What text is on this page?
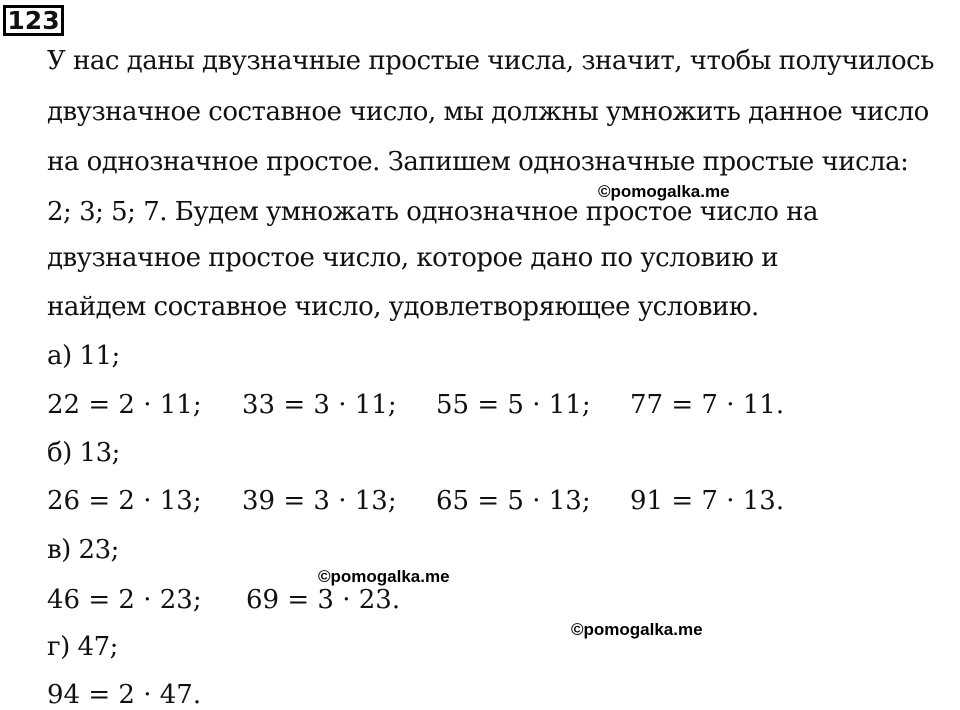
123
У нас даны двузначные простые числа, значит, чтобы получилось
двузначное составное число, мы должны умножить данное число
на однозначное простое. Запишем однозначные простые числа:
2; 3; 5; 7. Будем умножать однозначное простое число на
двузначное простое число, которое дано по условию и
найдем составное число, удовлетворяющее условию.
а) 11;
22 = 2 · 11; 33 = 3 · 11; 55 = 5 · 11; 77 = 7 · 11.
б) 13;
26 = 2 · 13; 39 = 3 · 13; 65 = 5 · 13; 91 = 7 · 13.
в) 23;
46 = 2 · 23; 69 = 3 · 23.
г) 47;
94 = 2 · 47.
©pomogalka.me
©pomogalka.me
©pomogalka.me
